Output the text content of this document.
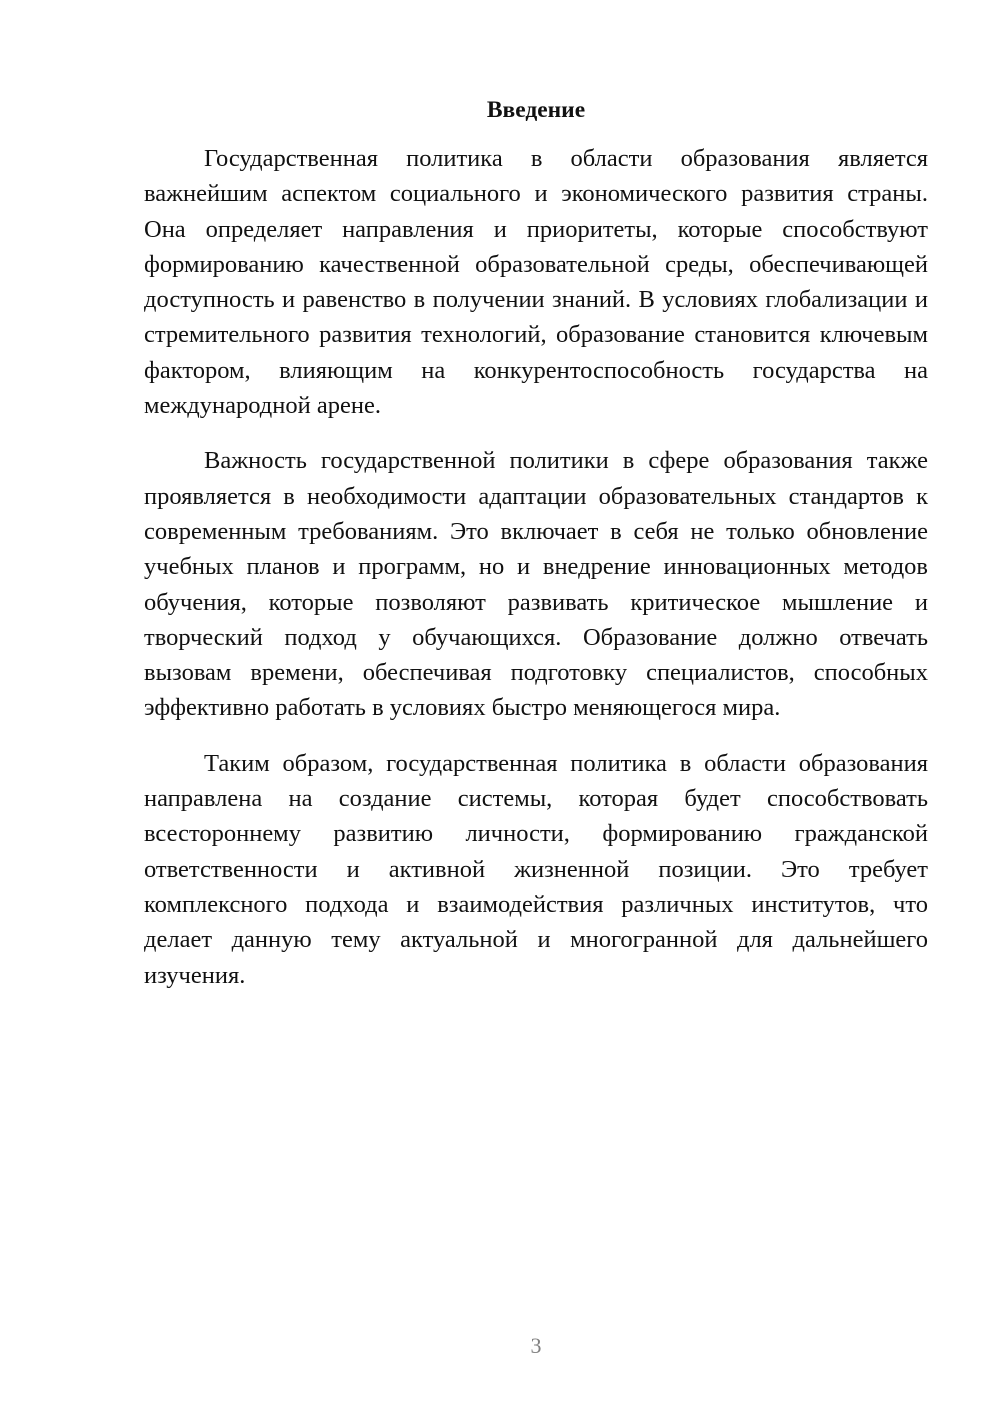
Введение
Государственная политика в области образования является
важнейшим аспектом социального и экономического развития страны.
Она определяет направления и приоритеты, которые способствуют
формированию качественной образовательной среды, обеспечивающей
доступность и равенство в получении знаний. В условиях глобализации и
стремительного развития технологий, образование становится ключевым
фактором, влияющим на конкурентоспособность государства на
международной арене.
Важность государственной политики в сфере образования также
проявляется в необходимости адаптации образовательных стандартов к
современным требованиям. Это включает в себя не только обновление
учебных планов и программ, но и внедрение инновационных методов
обучения, которые позволяют развивать критическое мышление и
творческий подход у обучающихся. Образование должно отвечать
вызовам времени, обеспечивая подготовку специалистов, способных
эффективно работать в условиях быстро меняющегося мира.
Таким образом, государственная политика в области образования
направлена на создание системы, которая будет способствовать
всестороннему развитию личности, формированию гражданской
ответственности и активной жизненной позиции. Это требует
комплексного подхода и взаимодействия различных институтов, что
делает данную тему актуальной и многогранной для дальнейшего
изучения.
3
